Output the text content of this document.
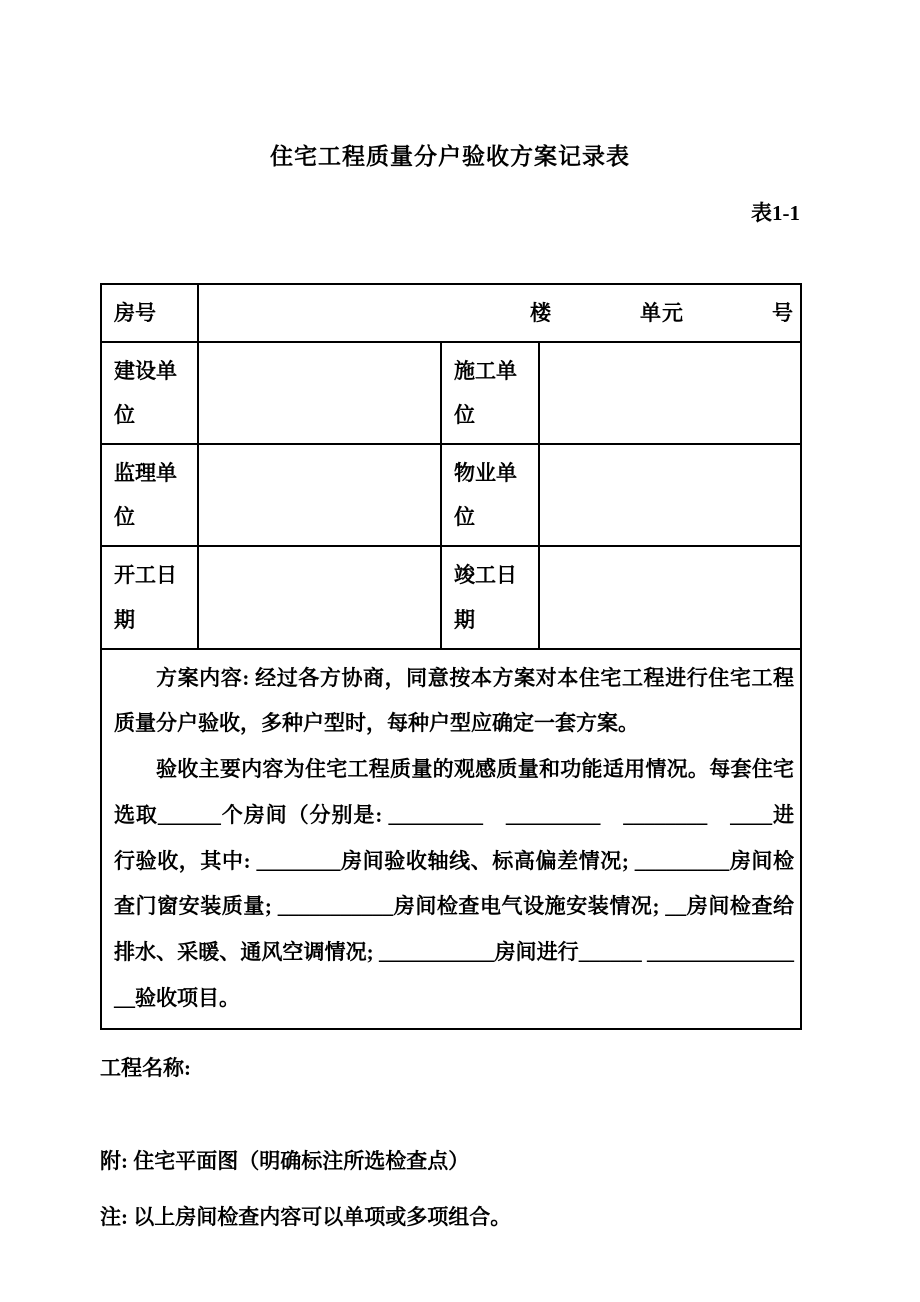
住宅工程质量分户验收方案记录表
表1-1
房号	楼　　　　单元　　　　号		
建设单位		施工单位	
监理单位		物业单位	
开工日期		竣工日期	

方案内容: 经过各方协商，同意按本方案对本住宅工程进行住宅工程质量分户验收，多种户型时，每种户型应确定一套方案。

验收主要内容为住宅工程质量的观感质量和功能适用情况。每套住宅选取______个房间（分别是: _________　_________　________　____进行验收，其中: ________房间验收轴线、标高偏差情况; _________房间检查门窗安装质量; ___________房间检查电气设施安装情况; __房间检查给排水、采暖、通风空调情况; ___________房间进行______ ________________验收项目。			

工程名称:
附: 住宅平面图（明确标注所选检查点）
注: 以上房间检查内容可以单项或多项组合。
